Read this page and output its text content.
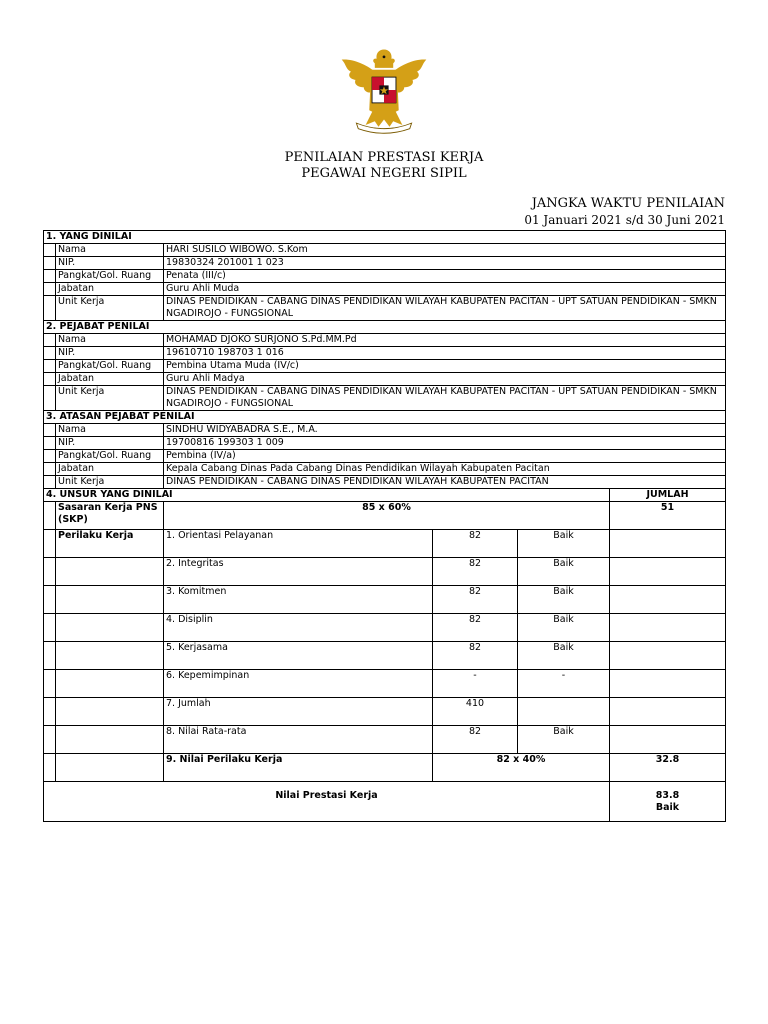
PENILAIAN PRESTASI KERJA
PEGAWAI NEGERI SIPIL
JANGKA WAKTU PENILAIAN
01 Januari 2021 s/d 30 Juni 2021
1. YANG DINILAI					
	Nama	HARI SUSILO WIBOWO. S.Kom			
	NIP.	19830324 201001 1 023			
	Pangkat/Gol. Ruang	Penata (III/c)			
	Jabatan	Guru Ahli Muda			
	Unit Kerja	DINAS PENDIDIKAN - CABANG DINAS PENDIDIKAN WILAYAH KABUPATEN PACITAN - UPT SATUAN PENDIDIKAN - SMKN NGADIROJO - FUNGSIONAL			
2. PEJABAT PENILAI					
	Nama	MOHAMAD DJOKO SURJONO S.Pd.MM.Pd			
	NIP.	19610710 198703 1 016			
	Pangkat/Gol. Ruang	Pembina Utama Muda (IV/c)			
	Jabatan	Guru Ahli Madya			
	Unit Kerja	DINAS PENDIDIKAN - CABANG DINAS PENDIDIKAN WILAYAH KABUPATEN PACITAN - UPT SATUAN PENDIDIKAN - SMKN NGADIROJO - FUNGSIONAL			
3. ATASAN PEJABAT PENILAI					
	Nama	SINDHU WIDYABADRA S.E., M.A.			
	NIP.	19700816 199303 1 009			
	Pangkat/Gol. Ruang	Pembina (IV/a)			
	Jabatan	Kepala Cabang Dinas Pada Cabang Dinas Pendidikan Wilayah Kabupaten Pacitan			
	Unit Kerja	DINAS PENDIDIKAN - CABANG DINAS PENDIDIKAN WILAYAH KABUPATEN PACITAN			
4. UNSUR YANG DINILAI					JUMLAH
	Sasaran Kerja PNS (SKP)	85 x 60%			51
	Perilaku Kerja	1. Orientasi Pelayanan	82	Baik	
		2. Integritas	82	Baik	
		3. Komitmen	82	Baik	
		4. Disiplin	82	Baik	
		5. Kerjasama	82	Baik	
		6. Kepemimpinan	-	-	
		7. Jumlah	410		
		8. Nilai Rata-rata	82	Baik	
		9. Nilai Perilaku Kerja	82 x 40%		32.8
Nilai Prestasi Kerja					83.8
Baik
